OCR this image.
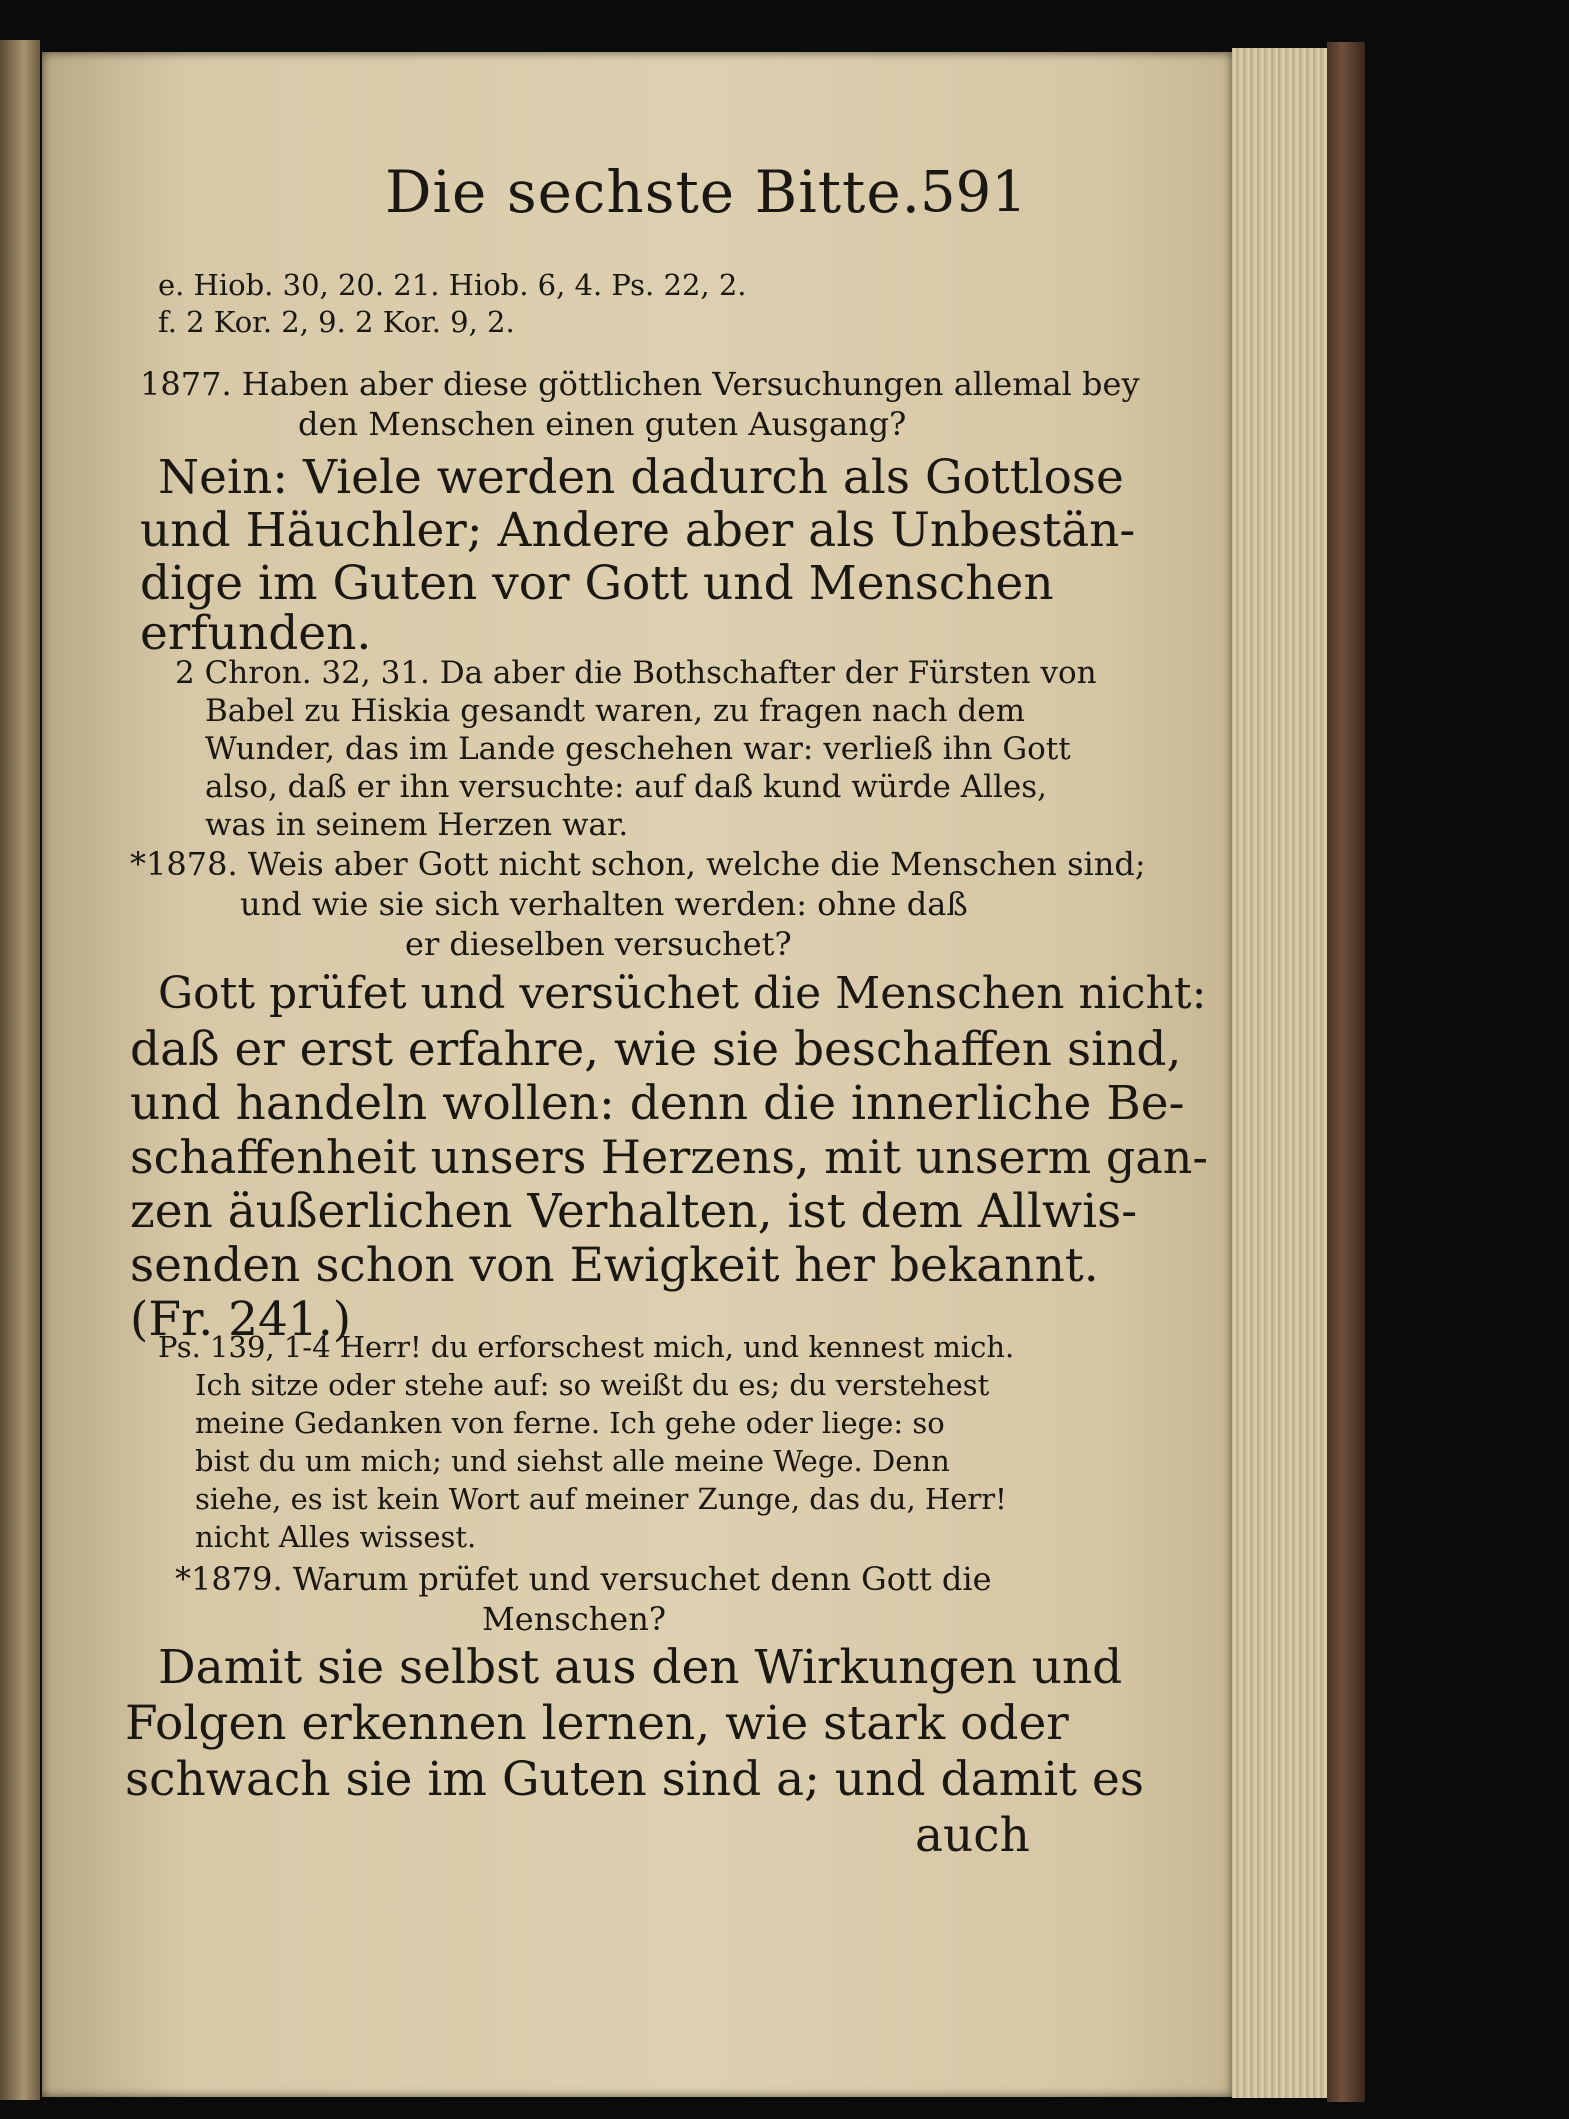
Die sechste Bitte.
591
e. Hiob. 30, 20. 21. Hiob. 6, 4. Ps. 22, 2.
f. 2 Kor. 2, 9. 2 Kor. 9, 2.
1877. Haben aber diese göttlichen Versuchungen allemal bey
den Menschen einen guten Ausgang?
Nein: Viele werden dadurch als Gottlose
und Häuchler; Andere aber als Unbestän-
dige im Guten vor Gott und Menschen
erfunden.
2 Chron. 32, 31. Da aber die Bothschafter der Fürsten von
Babel zu Hiskia gesandt waren, zu fragen nach dem
Wunder, das im Lande geschehen war: verließ ihn Gott
also, daß er ihn versuchte: auf daß kund würde Alles,
was in seinem Herzen war.
*1878. Weis aber Gott nicht schon, welche die Menschen sind;
und wie sie sich verhalten werden: ohne daß
er dieselben versuchet?
Gott prüfet und versüchet die Menschen nicht:
daß er erst erfahre, wie sie beschaffen sind,
und handeln wollen: denn die innerliche Be-
schaffenheit unsers Herzens, mit unserm gan-
zen äußerlichen Verhalten, ist dem Allwis-
senden schon von Ewigkeit her bekannt.
(Fr. 241.)
Ps. 139, 1-4 Herr! du erforschest mich, und kennest mich.
Ich sitze oder stehe auf: so weißt du es; du verstehest
meine Gedanken von ferne. Ich gehe oder liege: so
bist du um mich; und siehst alle meine Wege. Denn
siehe, es ist kein Wort auf meiner Zunge, das du, Herr!
nicht Alles wissest.
*1879. Warum prüfet und versuchet denn Gott die
Menschen?
Damit sie selbst aus den Wirkungen und
Folgen erkennen lernen, wie stark oder
schwach sie im Guten sind a; und damit es
auch
